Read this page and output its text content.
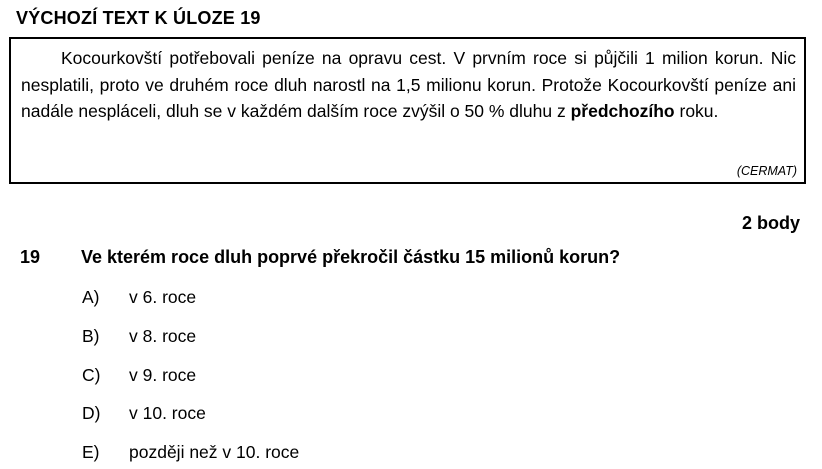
VÝCHOZÍ TEXT K ÚLOZE 19

Kocourkovští potřebovali peníze na opravu cest. V prvním roce si půjčili 1 milion korun. Nic nesplatili, proto ve druhém roce dluh narostl na 1,5 milionu korun. Protože Kocourkovští peníze ani nadále nespláceli, dluh se v každém dalším roce zvýšil o 50 % dluhu z předchozího roku.

(CERMAT)
2 body
19 Ve kterém roce dluh poprvé překročil částku 15 milionů korun?
A) v 6. roce
B) v 8. roce
C) v 9. roce
D) v 10. roce
E) později než v 10. roce
